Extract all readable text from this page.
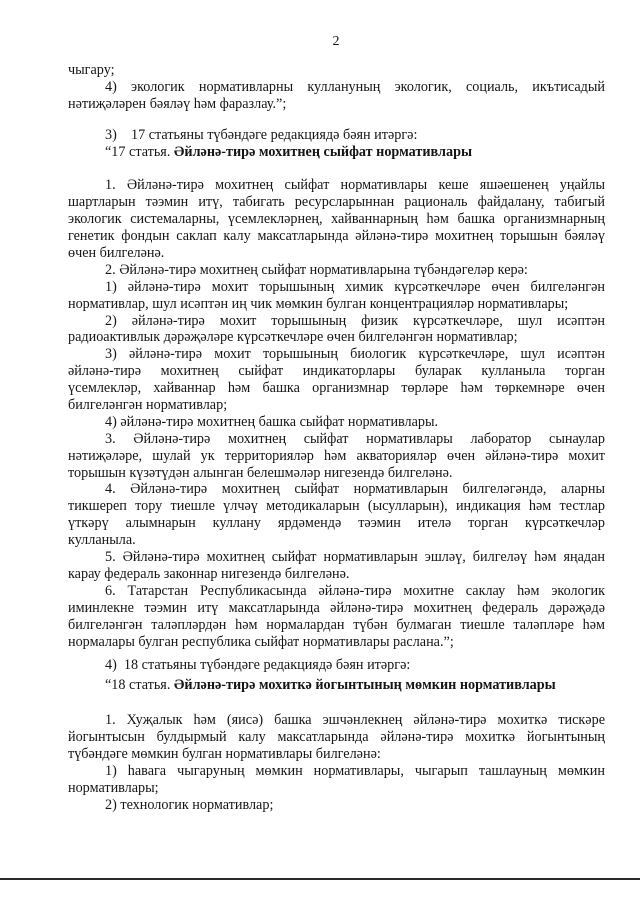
2
чыгару;
4) экологик нормативларны куллануның экологик, социаль, икътисадый
нәтиҗәләрен бәяләү һәм фаразлау.”;
3)    17 статьяны түбәндәге редакциядә бәян итәргә:
“17 статья. Әйләнә-тирә мохитнең сыйфат нормативлары
1. Әйләнә-тирә мохитнең сыйфат нормативлары кеше яшәешенең уңайлы
шартларын тәэмин итү, табигать ресурсларыннан рациональ файдалану, табигый
экологик системаларны, үсемлекләрнең, хайваннарның һәм башка организмнарның
генетик фондын саклап калу максатларында әйләнә-тирә мохитнең торышын бәяләү
өчен билгеләнә.
2. Әйләнә-тирә мохитнең сыйфат нормативларына түбәндәгеләр керә:
1) әйләнә-тирә мохит торышының химик күрсәткечләре өчен билгеләнгән
нормативлар, шул исәптән иң чик мөмкин булган концентрацияләр нормативлары;
2) әйләнә-тирә мохит торышының физик күрсәткечләре, шул исәптән
радиоактивлык дәрәҗәләре күрсәткечләре өчен билгеләнгән нормативлар;
3) әйләнә-тирә мохит торышының биологик күрсәткечләре, шул исәптән
әйләнә-тирә мохитнең сыйфат индикаторлары буларак кулланыла торган
үсемлекләр, хайваннар һәм башка организмнар төрләре һәм төркемнәре өчен
билгеләнгән нормативлар;
4) әйләнә-тирә мохитнең башка сыйфат нормативлары.
3. Әйләнә-тирә мохитнең сыйфат нормативлары лаборатор сынаулар
нәтиҗәләре, шулай ук территорияләр һәм акваторияләр өчен әйләнә-тирә мохит
торышын күзәтүдән алынган белешмәләр нигезендә билгеләнә.
4. Әйләнә-тирә мохитнең сыйфат нормативларын билгеләгәндә, аларны
тикшереп тору тиешле үлчәү методикаларын (ысулларын), индикация һәм тестлар
үткәрү алымнарын куллану ярдәмендә тәэмин ителә торган күрсәткечләр
кулланыла.
5. Әйләнә-тирә мохитнең сыйфат нормативларын эшләү, билгеләү һәм яңадан
карау федераль законнар нигезендә билгеләнә.
6. Татарстан Республикасында әйләнә-тирә мохитне саклау һәм экологик
иминлекне тәэмин итү максатларында әйләнә-тирә мохитнең федераль дәрәҗәдә
билгеләнгән таләпләрдән һәм нормалардан түбән булмаган тиешле таләпләре һәм
нормалары булган республика сыйфат нормативлары раслана.”;
4)  18 статьяны түбәндәге редакциядә бәян итәргә:
“18 статья. Әйләнә-тирә мохиткә йогынтының мөмкин нормативлары
1. Хуҗалык һәм (яисә) башка эшчәнлекнең әйләнә-тирә мохиткә тискәре
йогынтысын булдырмый калу максатларында әйләнә-тирә мохиткә йогынтының
түбәндәге мөмкин булган нормативлары билгеләнә:
1) һавага чыгаруның мөмкин нормативлары, чыгарып ташлауның мөмкин
нормативлары;
2) технологик нормативлар;
